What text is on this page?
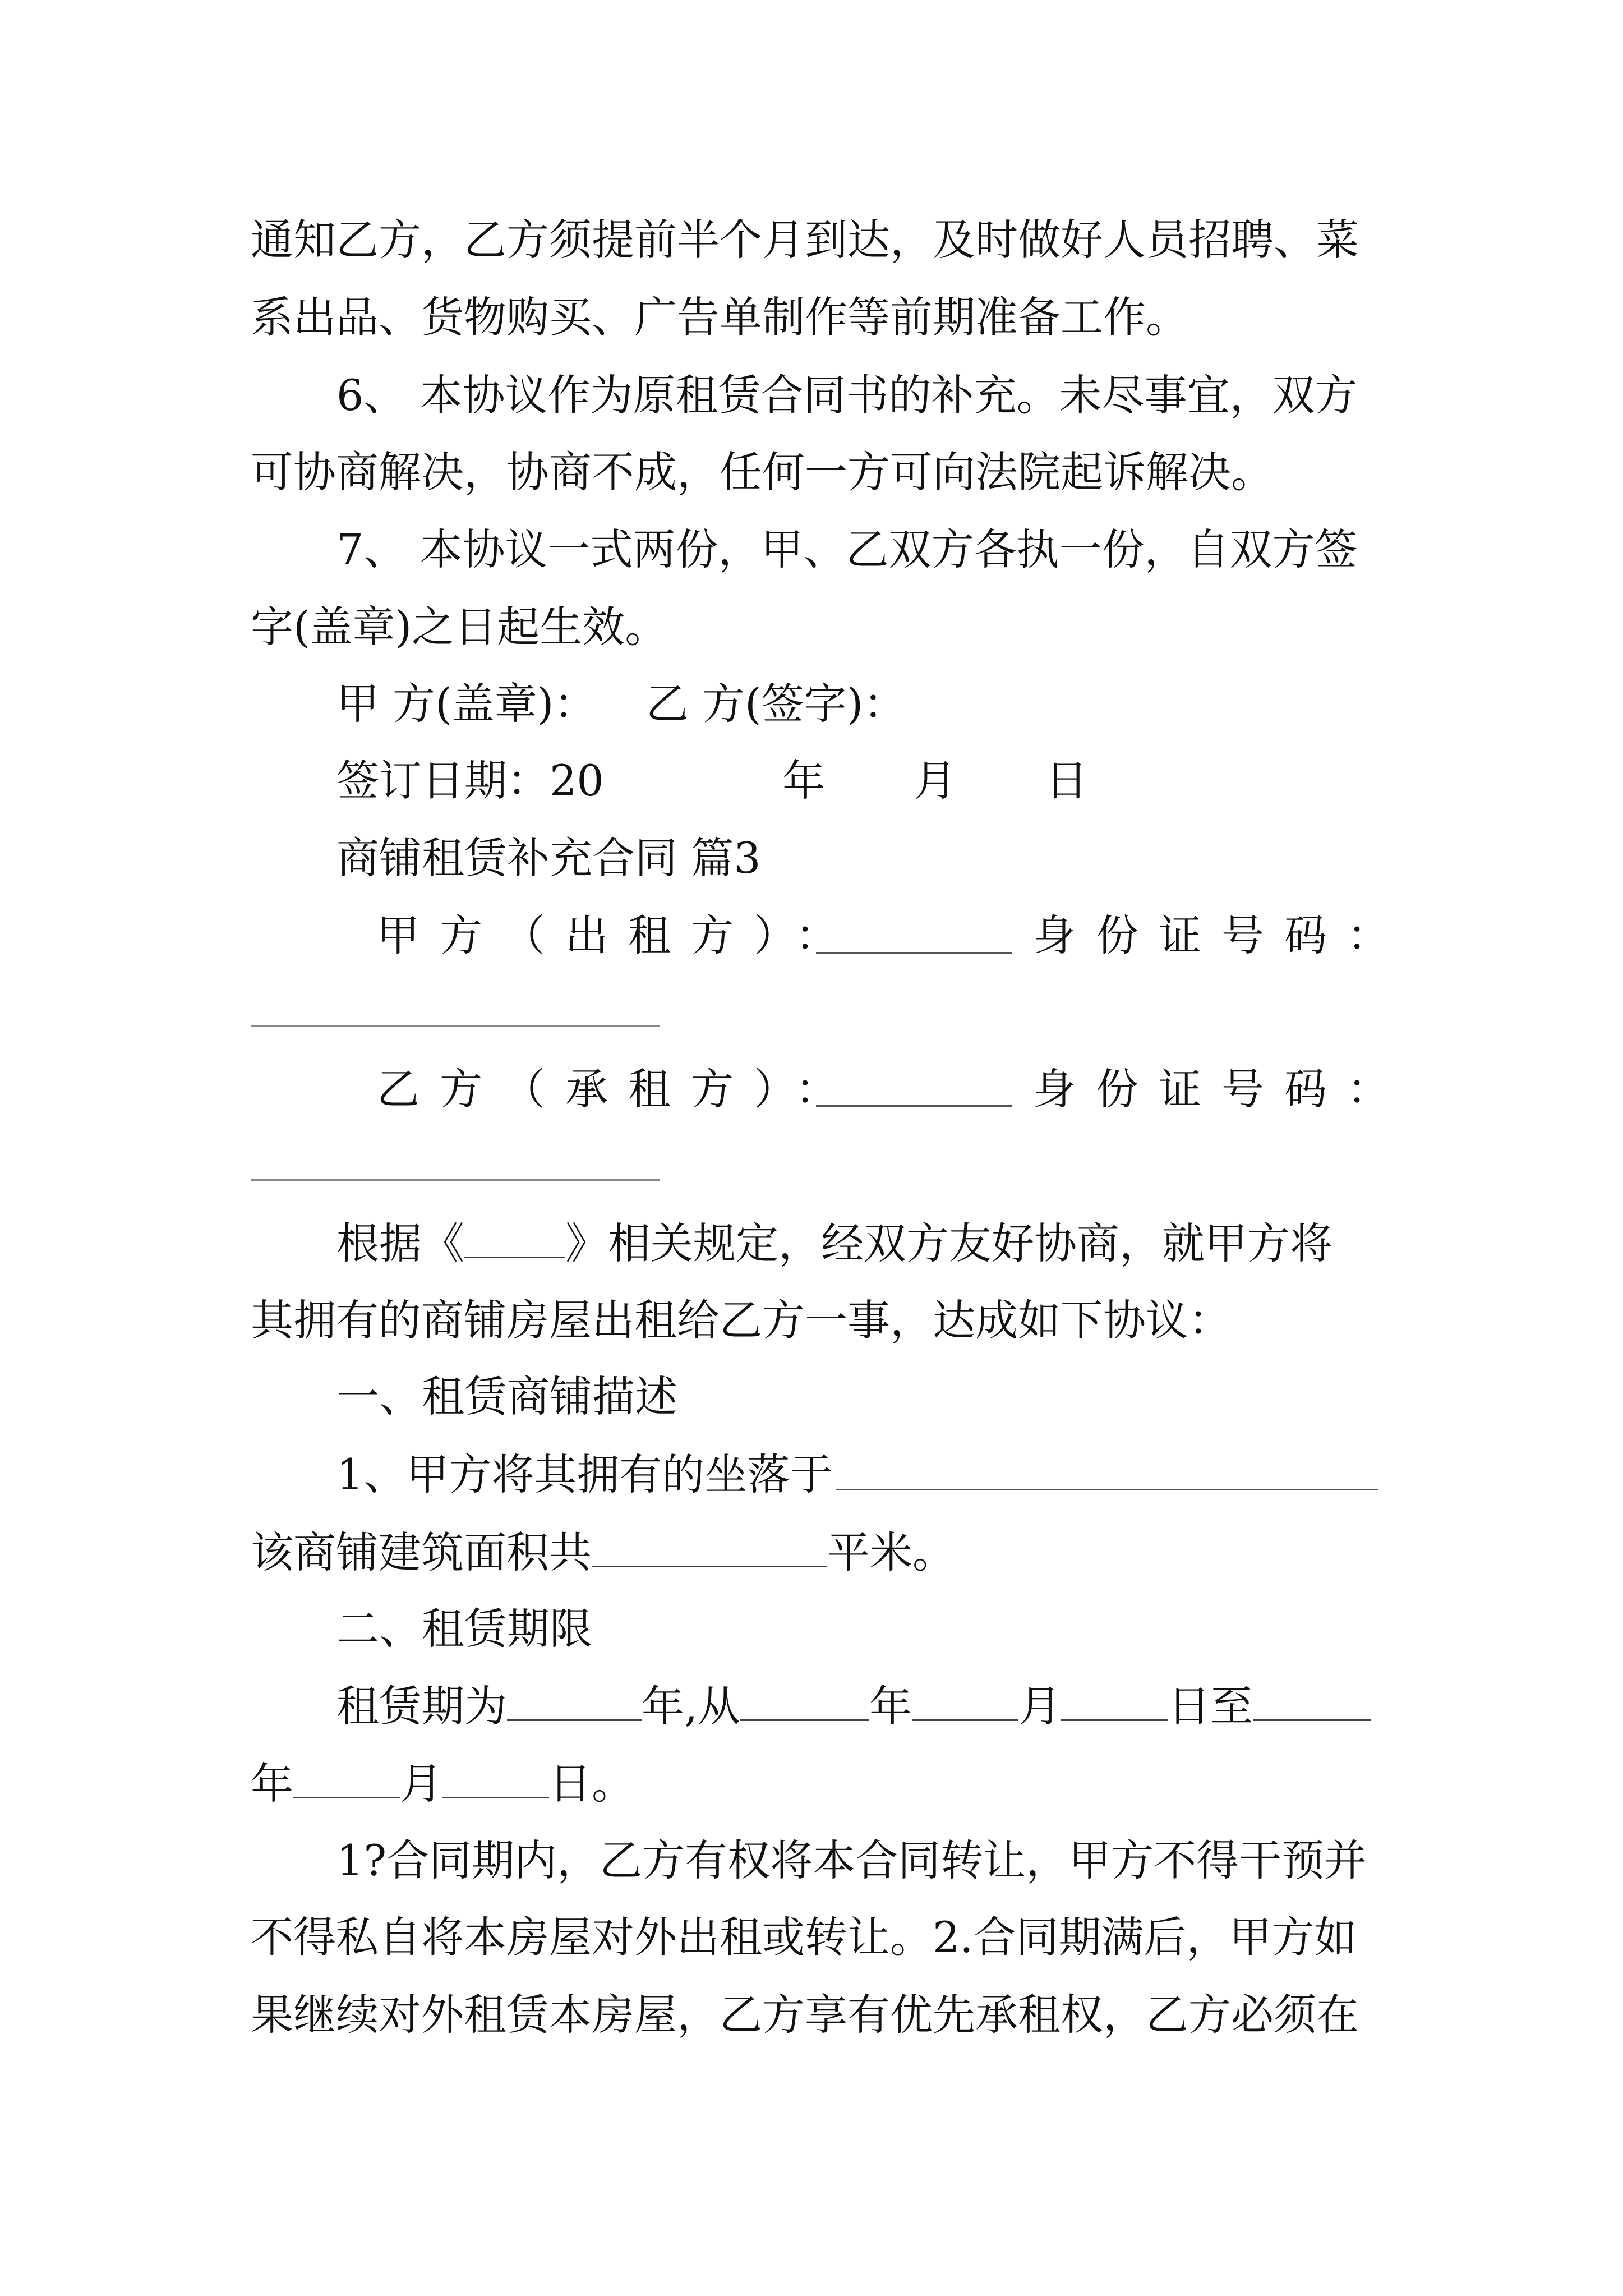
通知乙方，乙方须提前半个月到达，及时做好人员招聘、菜
系出品、货物购买、广告单制作等前期准备工作。
6、 本协议作为原租赁合同书的补充。未尽事宜，双方
可协商解决，协商不成，任何一方可向法院起诉解决。
7、 本协议一式两份，甲、乙双方各执一份，自双方签
字(盖章)之日起生效。
甲 方(盖章)： 乙 方(签字)：
签订日期：20	年 月 日
商铺租赁补充合同 篇3
甲方（出租方）：	身份证号码：
乙方（承租方）：	身份证号码：
根据《 》相关规定，经双方友好协商，就甲方将
其拥有的商铺房屋出租给乙方一事，达成如下协议：
一、租赁商铺描述
1、甲方将其拥有的坐落于
该商铺建筑面积共	平米。
二、租赁期限
租赁期为	年,从	年	月	日至
年	月	日。
1?合同期内，乙方有权将本合同转让，甲方不得干预并
不得私自将本房屋对外出租或转让。2.合同期满后，甲方如
果继续对外租赁本房屋，乙方享有优先承租权，乙方必须在
